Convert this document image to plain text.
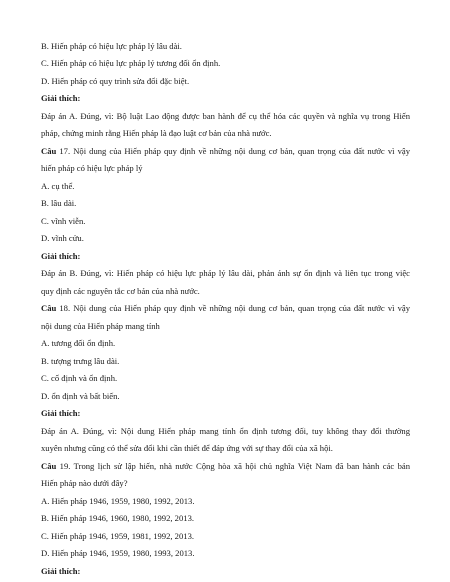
B. Hiến pháp có hiệu lực pháp lý lâu dài.
C. Hiến pháp có hiệu lực pháp lý tương đối ổn định.
D. Hiến pháp có quy trình sửa đổi đặc biệt.
Giải thích:
Đáp án A. Đúng, vì: Bộ luật Lao động được ban hành để cụ thể hóa các quyền và nghĩa vụ trong Hiến
pháp, chứng minh rằng Hiến pháp là đạo luật cơ bản của nhà nước.
Câu 17. Nội dung của Hiến pháp quy định về những nội dung cơ bản, quan trọng của đất nước vì vậy
hiến pháp có hiệu lực pháp lý
A. cụ thể.
B. lâu dài.
C. vĩnh viễn.
D. vĩnh cửu.
Giải thích:
Đáp án B. Đúng, vì: Hiến pháp có hiệu lực pháp lý lâu dài, phản ánh sự ổn định và liên tục trong việc
quy định các nguyên tắc cơ bản của nhà nước.
Câu 18. Nội dung của Hiến pháp quy định về những nội dung cơ bản, quan trọng của đất nước vì vậy
nội dung của Hiến pháp mang tính
A. tương đối ổn định.
B. tượng trưng lâu dài.
C. cố định và ổn định.
D. ổn định và bất biến.
Giải thích:
Đáp án A. Đúng, vì: Nội dung Hiến pháp mang tính ổn định tương đối, tuy không thay đổi thường
xuyên nhưng cũng có thể sửa đổi khi cần thiết để đáp ứng với sự thay đổi của xã hội.
Câu 19. Trong lịch sử lập hiến, nhà nước Cộng hòa xã hội chủ nghĩa Việt Nam đã ban hành các bản
Hiến pháp nào dưới đây?
A. Hiến pháp 1946, 1959, 1980, 1992, 2013.
B. Hiến pháp 1946, 1960, 1980, 1992, 2013.
C. Hiến pháp 1946, 1959, 1981, 1992, 2013.
D. Hiến pháp 1946, 1959, 1980, 1993, 2013.
Giải thích:
